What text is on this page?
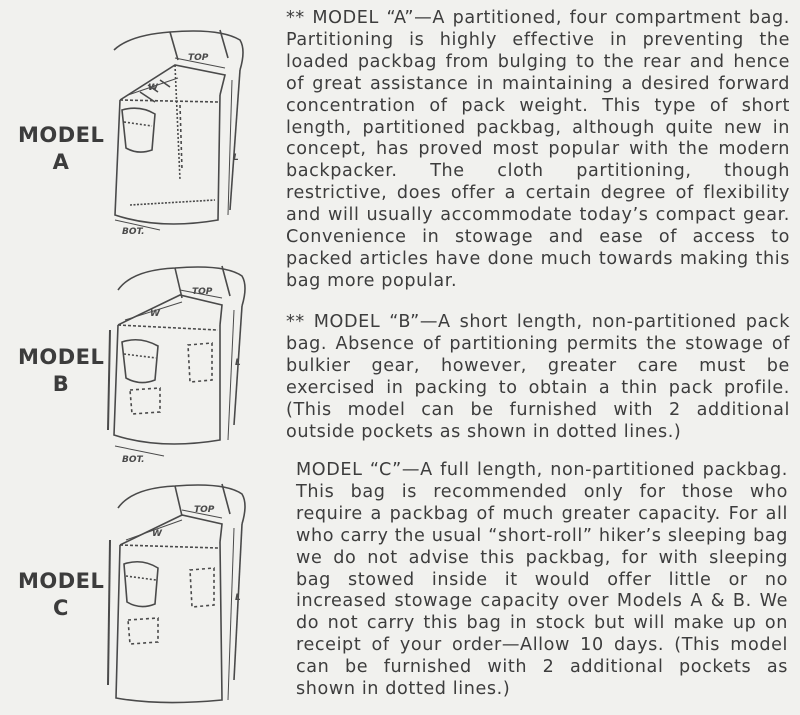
MODEL
A	L
TOP
W
BOT.

** MODEL “A”—A partitioned, four compartment bag. Partitioning is highly effective in preventing the loaded packbag from bulging to the rear and hence of great assistance in maintaining a desired forward concentration of pack weight. This type of short length, partitioned packbag, although quite new in concept, has proved most popular with the modern backpacker. The cloth partitioning, though restrictive, does offer a certain degree of flexibility and will usually accommodate today’s compact gear. Convenience in stowage and ease of access to packed articles have done much towards making this bag more popular.

MODEL
B
L
TOP
W
BOT.

** MODEL “B”—A short length, non-partitioned pack bag. Absence of partitioning permits the stowage of bulkier gear, however, greater care must be exercised in packing to obtain a thin pack profile. (This model can be furnished with 2 additional outside pockets as shown in dotted lines.)

MODEL
C	L
TOP
W

MODEL “C”—A full length, non-partitioned packbag. This bag is recommended only for those who require a packbag of much greater capacity. For all who carry the usual “short-roll” hiker’s sleeping bag we do not advise this packbag, for with sleeping bag stowed inside it would offer little or no increased stowage capacity over Models A & B. We do not carry this bag in stock but will make up on receipt of your order—Allow 10 days. (This model can be furnished with 2 additional pockets as shown in dotted lines.)
